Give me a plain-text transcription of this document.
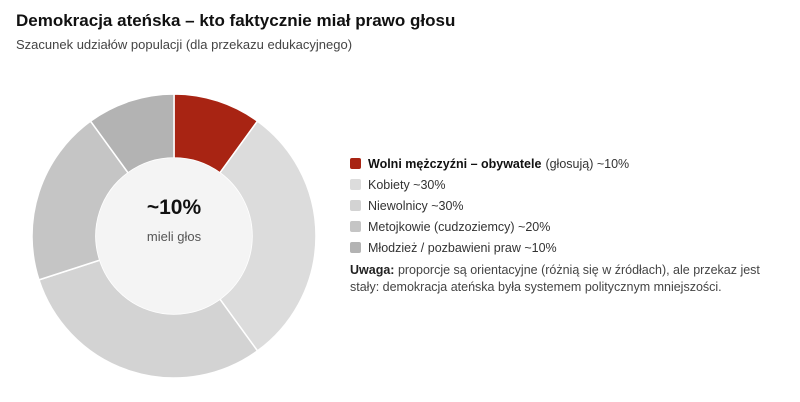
Demokracja ateńska – kto faktycznie miał prawo głosu
Szacunek udziałów populacji (dla przekazu edukacyjnego)
~10%
mieli głos
Wolni mężczyźni – obywatele (głosują) ~10%
Kobiety ~30%
Niewolnicy ~30%
Metojkowie (cudzoziemcy) ~20%
Młodzież / pozbawieni praw ~10%
Uwaga: proporcje są orientacyjne (różnią się w źródłach), ale przekaz jest stały: demokracja ateńska była systemem politycznym mniejszości.
